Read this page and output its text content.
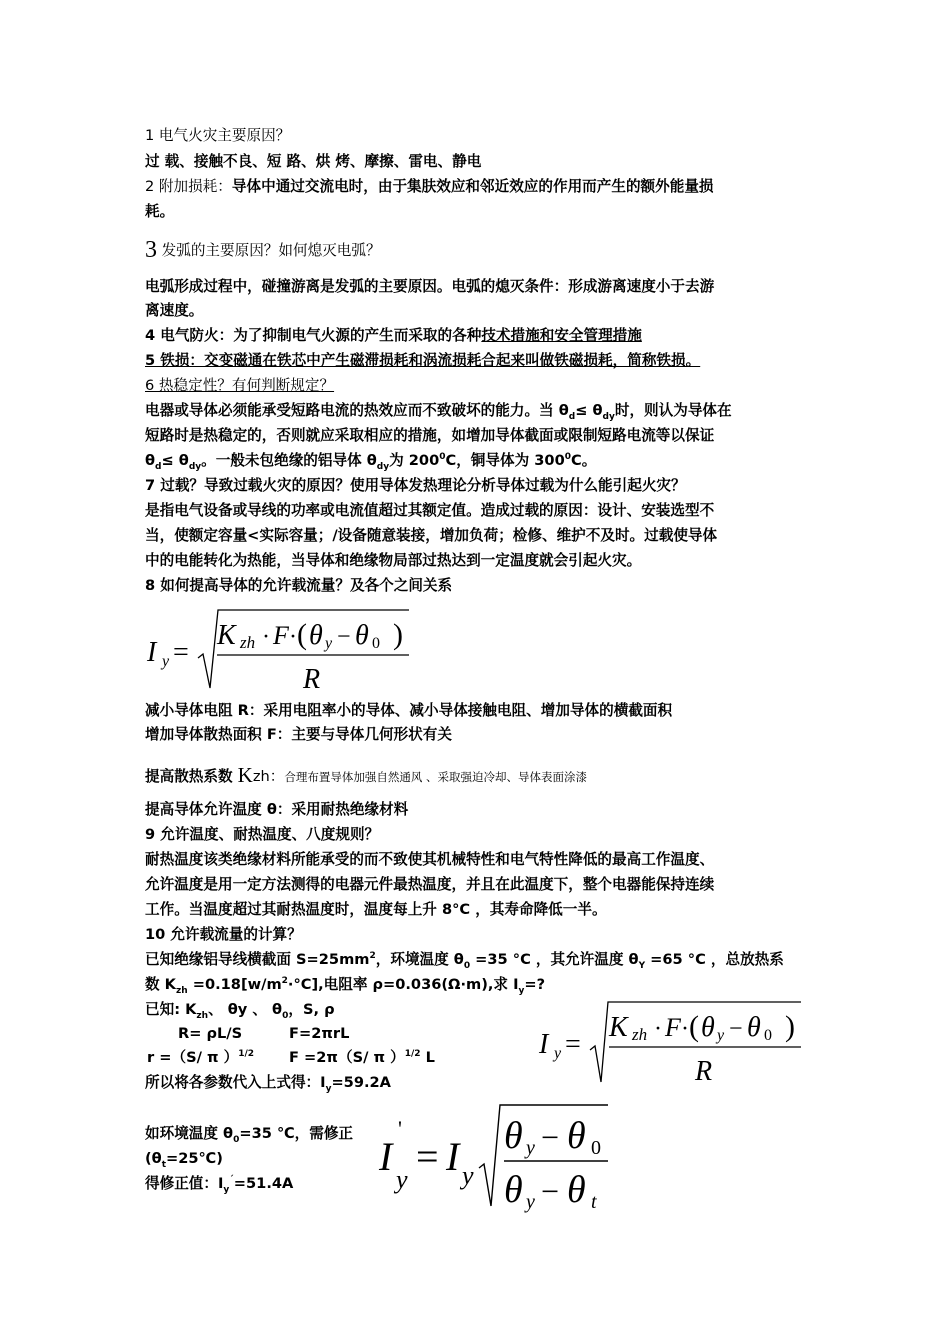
1 电气火灾主要原因？
过 载、接触不良、短 路、烘 烤、摩擦、雷电、静电
2 附加损耗：导体中通过交流电时，由于集肤效应和邻近效应的作用而产生的额外能量损
耗。
3 发弧的主要原因？如何熄灭电弧？
电弧形成过程中，碰撞游离是发弧的主要原因。电弧的熄灭条件：形成游离速度小于去游
离速度。
4 电气防火：为了抑制电气火源的产生而采取的各种技术措施和安全管理措施
5 铁损：交变磁通在铁芯中产生磁滞损耗和涡流损耗合起来叫做铁磁损耗，简称铁损。
6 热稳定性？有何判断规定？
电器或导体必须能承受短路电流的热效应而不致破坏的能力。当 $\theta_d\le \theta_{dy}$时，则认为导体在
短路时是热稳定的，否则就应采取相应的措施，如增加导体截面或限制短路电流等以保证
$\theta_d\le \theta_{dy}$。一般未包绝缘的铝导体 $\theta_{dy}$为 $200^0C$，铜导体为 $300^0C$。
7 过载？导致过载火灾的原因？使用导体发热理论分析导体过载为什么能引起火灾？
是指电气设备或导线的功率或电流值超过其额定值。造成过载的原因：设计、安装选型不
当，使额定容量<实际容量；/设备随意装接，增加负荷；检修、维护不及时。过载使导体
中的电能转化为热能，当导体和绝缘物局部过热达到一定温度就会引起火灾。
8 如何提高导体的允许载流量？及各个之间关系
I y =
K zh · F · ( θ y − θ 0 )
R
减小导体电阻 R：采用电阻率小的导体、减小导体接触电阻、增加导体的横截面积
增加导体散热面积 F：主要与导体几何形状有关
提高散热系数 Kzh：合理布置导体加强自然通风 、采取强迫冷却、导体表面涂漆
提高导体允许温度 θ：采用耐热绝缘材料
9 允许温度、耐热温度、八度规则？
耐热温度该类绝缘材料所能承受的而不致使其机械特性和电气特性降低的最高工作温度、
允许温度是用一定方法测得的电器元件最热温度，并且在此温度下，整个电器能保持连续
工作。当温度超过其耐热温度时，温度每上升 8°C ，其寿命降低一半。
10 允许载流量的计算？
已知绝缘铝导线横截面 $S=25mm^2$，环境温度 $\theta_0 =35$ °C ，其允许温度 $\theta_Y =65$ °C ，总放热系
数 $K_{zh} =0.18[w/m^2\cdot^\circ C]$,电阻率 ρ=0.036(Ω·m),求 $I_y=$?
已知: $K_{zh}$、 θy 、 $\theta_0$，S, ρ
R= ρL/S	F=2πrL
r =（S/ π ）$^{1/2}$ F =2π（S/ π ）$^{1/2}$ L
所以将各参数代入上式得：$I_y=59.2A$
I y =
K zh · F · ( θ y − θ 0 )
R
如环境温度 $\theta_0=35$ ℃，需修正
$(\theta_t=25℃)$
得修正值：$I_y^´=51.4A$
I
'
y
= I y
θ y − θ 0
θ y − θ t
